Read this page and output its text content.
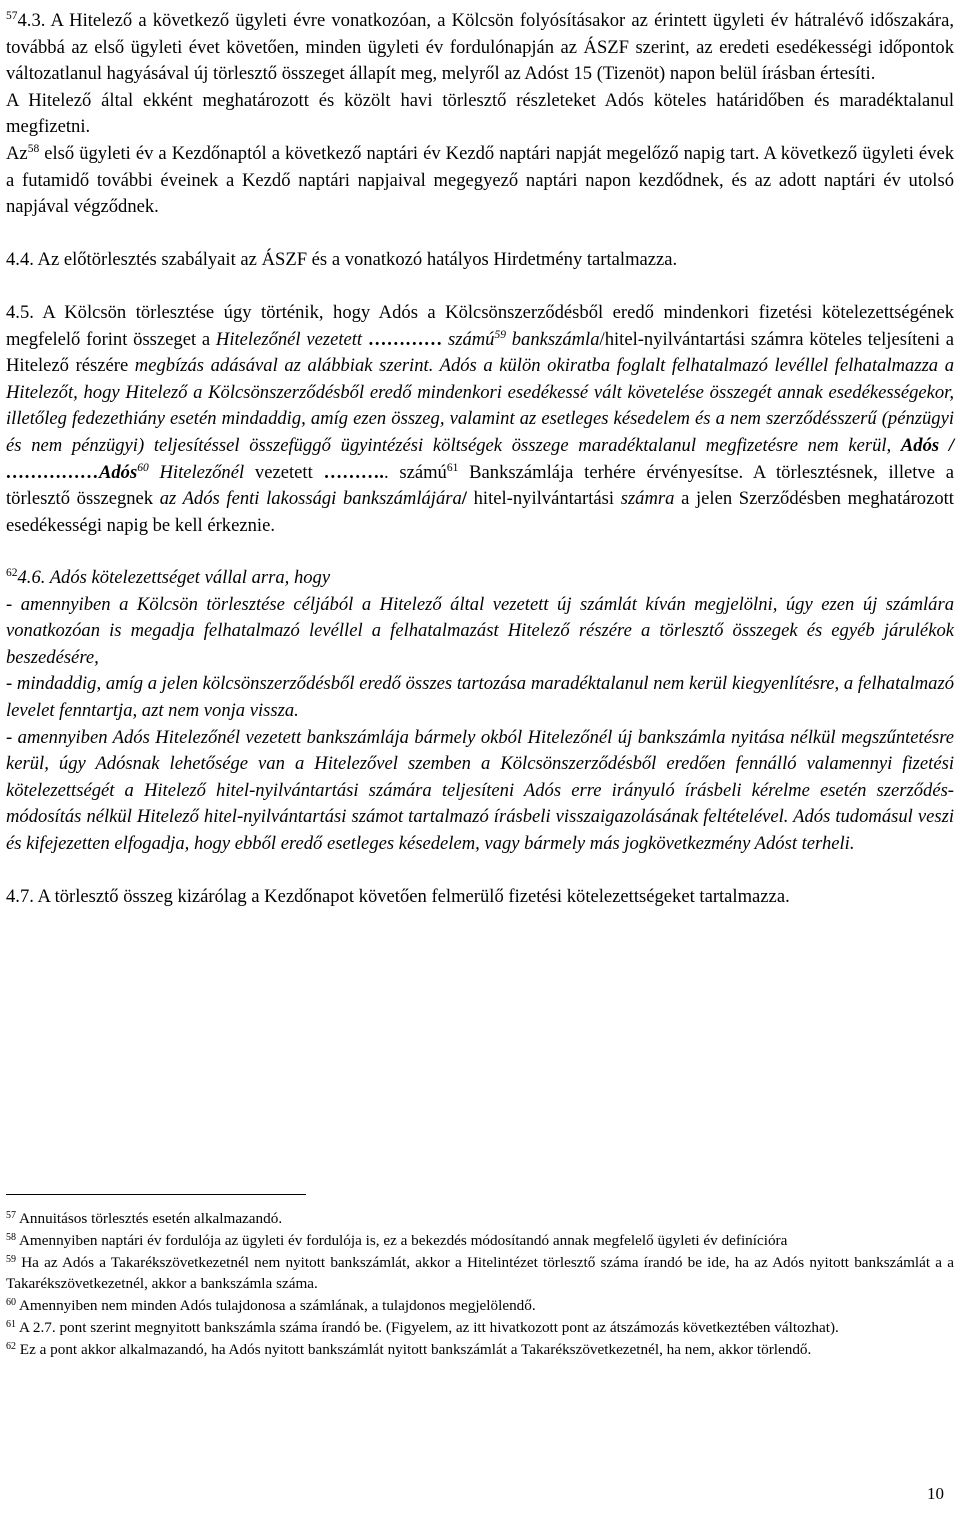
$^{57}$4.3. A Hitelező a következő ügyleti évre vonatkozóan, a Kölcsön folyósításakor az érintett ügyleti év hátralévő időszakára, továbbá az első ügyleti évet követően, minden ügyleti év fordulónapján az ÁSZF szerint, az eredeti esedékességi időpontok változatlanul hagyásával új törlesztő összeget állapít meg, melyről az Adóst 15 (Tizenöt) napon belül írásban értesíti.

A Hitelező által ekként meghatározott és közölt havi törlesztő részleteket Adós köteles határidőben és maradéktalanul megfizetni.

Az$^{58}$ első ügyleti év a Kezdőnaptól a következő naptári év Kezdő naptári napját megelőző napig tart. A következő ügyleti évek a futamidő további éveinek a Kezdő naptári napjaival megegyező naptári napon kezdődnek, és az adott naptári év utolsó napjával végződnek.

4.4. Az előtörlesztés szabályait az ÁSZF és a vonatkozó hatályos Hirdetmény tartalmazza.

4.5. A Kölcsön törlesztése úgy történik, hogy Adós a Kölcsönszerződésből eredő mindenkori fizetési kötelezettségének megfelelő forint összeget a Hitelezőnél vezetett ………… számú$^{59}$ bankszámla/hitel-nyilvántartási számra köteles teljesíteni a Hitelező részére megbízás adásával az alábbiak szerint. Adós a külön okiratba foglalt felhatalmazó levéllel felhatalmazza a Hitelezőt, hogy Hitelező a Kölcsönszerződésből eredő mindenkori esedékessé vált követelése összegét annak esedékességekor, illetőleg fedezethiány esetén mindaddig, amíg ezen összeg, valamint az esetleges késedelem és a nem szerződésszerű (pénzügyi és nem pénzügyi) teljesítéssel összefüggő ügyintézési költségek összege maradéktalanul megfizetésre nem kerül, Adós / ……………Adós$^{60}$ Hitelezőnél vezetett ……….. számú$^{61}$ Bankszámlája terhére érvényesítse. A törlesztésnek, illetve a törlesztő összegnek az Adós fenti lakossági bankszámlájára/ hitel-nyilvántartási számra a jelen Szerződésben meghatározott esedékességi napig be kell érkeznie.

$^{62}$4.6. Adós kötelezettséget vállal arra, hogy

- amennyiben a Kölcsön törlesztése céljából a Hitelező által vezetett új számlát kíván megjelölni, úgy ezen új számlára vonatkozóan is megadja felhatalmazó levéllel a felhatalmazást Hitelező részére a törlesztő összegek és egyéb járulékok beszedésére,

- mindaddig, amíg a jelen kölcsönszerződésből eredő összes tartozása maradéktalanul nem kerül kiegyenlítésre, a felhatalmazó levelet fenntartja, azt nem vonja vissza.

- amennyiben Adós Hitelezőnél vezetett bankszámlája bármely okból Hitelezőnél új bankszámla nyitása nélkül megszűntetésre kerül, úgy Adósnak lehetősége van a Hitelezővel szemben a Kölcsönszerződésből eredően fennálló valamennyi fizetési kötelezettségét a Hitelező hitel-nyilvántartási számára teljesíteni Adós erre irányuló írásbeli kérelme esetén szerződés-módosítás nélkül Hitelező hitel-nyilvántartási számot tartalmazó írásbeli visszaigazolásának feltételével. Adós tudomásul veszi és kifejezetten elfogadja, hogy ebből eredő esetleges késedelem, vagy bármely más jogkövetkezmény Adóst terheli.

4.7. A törlesztő összeg kizárólag a Kezdőnapot követően felmerülő fizetési kötelezettségeket tartalmazza.

$^{57}$ Annuitásos törlesztés esetén alkalmazandó.

$^{58}$ Amennyiben naptári év fordulója az ügyleti év fordulója is, ez a bekezdés módosítandó annak megfelelő ügyleti év definícióra

$^{59}$ Ha az Adós a Takarékszövetkezetnél nem nyitott bankszámlát, akkor a Hitelintézet törlesztő száma írandó be ide, ha az Adós nyitott bankszámlát a a Takarékszövetkezetnél, akkor a bankszámla száma.

$^{60}$ Amennyiben nem minden Adós tulajdonosa a számlának, a tulajdonos megjelölendő.

$^{61}$ A 2.7. pont szerint megnyitott bankszámla száma írandó be. (Figyelem, az itt hivatkozott pont az átszámozás következtében változhat).

$^{62}$ Ez a pont akkor alkalmazandó, ha Adós nyitott bankszámlát nyitott bankszámlát a Takarékszövetkezetnél, ha nem, akkor törlendő.

10
